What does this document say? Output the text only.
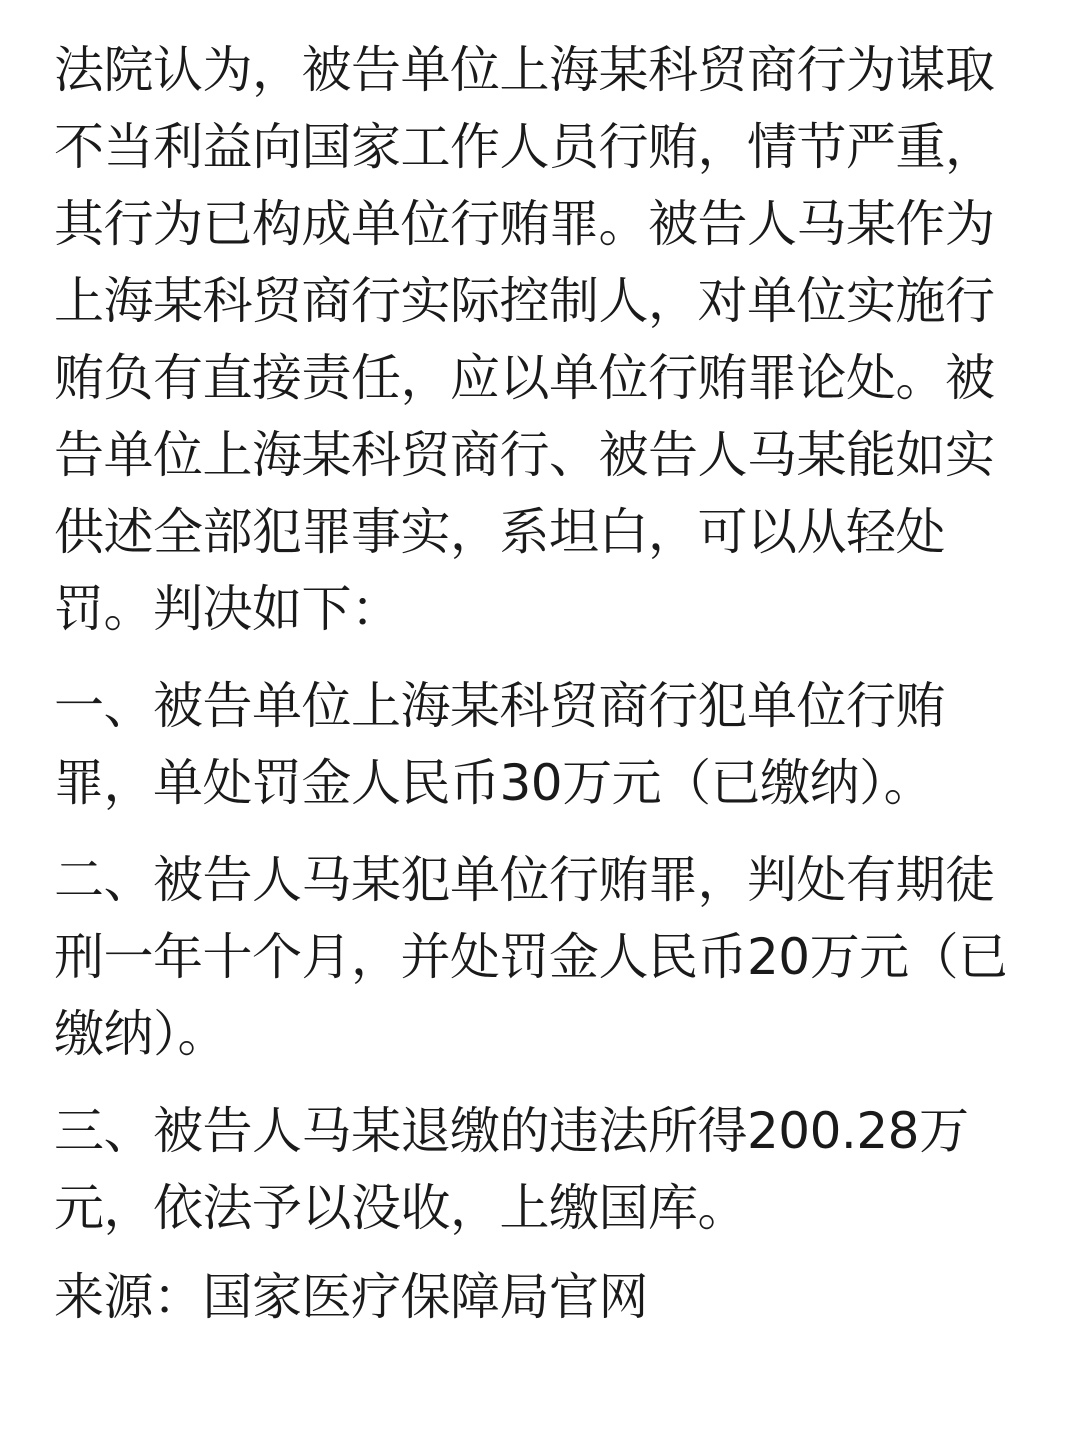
法院认为，被告单位上海某科贸商行为谋取
不当利益向国家工作人员行贿，情节严重，
其行为已构成单位行贿罪。被告人马某作为
上海某科贸商行实际控制人，对单位实施行
贿负有直接责任，应以单位行贿罪论处。被
告单位上海某科贸商行、被告人马某能如实
供述全部犯罪事实，系坦白，可以从轻处
罚。判决如下：
一、被告单位上海某科贸商行犯单位行贿
罪，单处罚金人民币30万元（已缴纳）。
二、被告人马某犯单位行贿罪，判处有期徒
刑一年十个月，并处罚金人民币20万元（已
缴纳）。
三、被告人马某退缴的违法所得200.28万
元，依法予以没收，上缴国库。
来源：国家医疗保障局官网
